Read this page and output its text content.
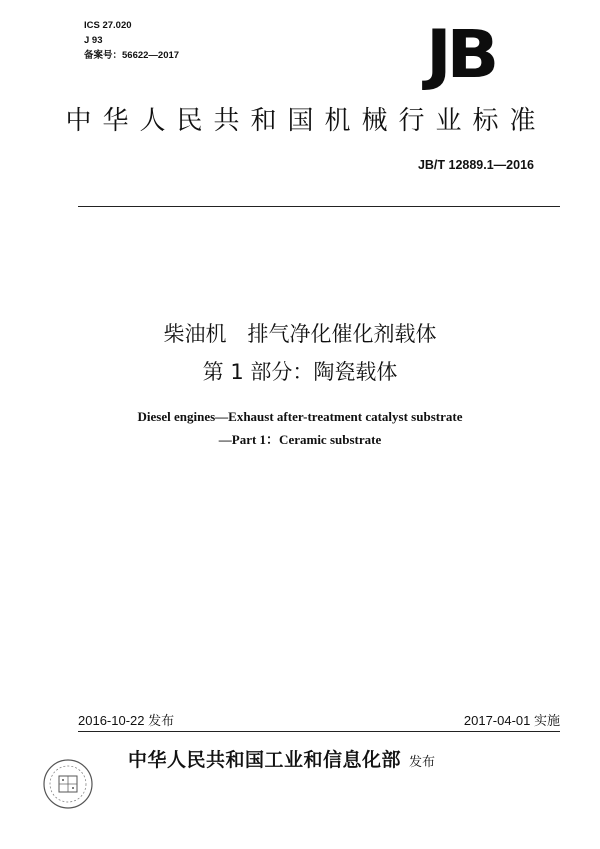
ICS 27.020
J 93
备案号：56622—2017	JB
中华人民共和国机械行业标准
JB/T 12889.1—2016
柴油机　排气净化催化剂载体
第 1 部分：陶瓷载体
Diesel engines—Exhaust after-treatment catalyst substrate
—Part 1：Ceramic substrate
2016-10-22 发布	2017-04-01 实施
中华人民共和国工业和信息化部 发布
